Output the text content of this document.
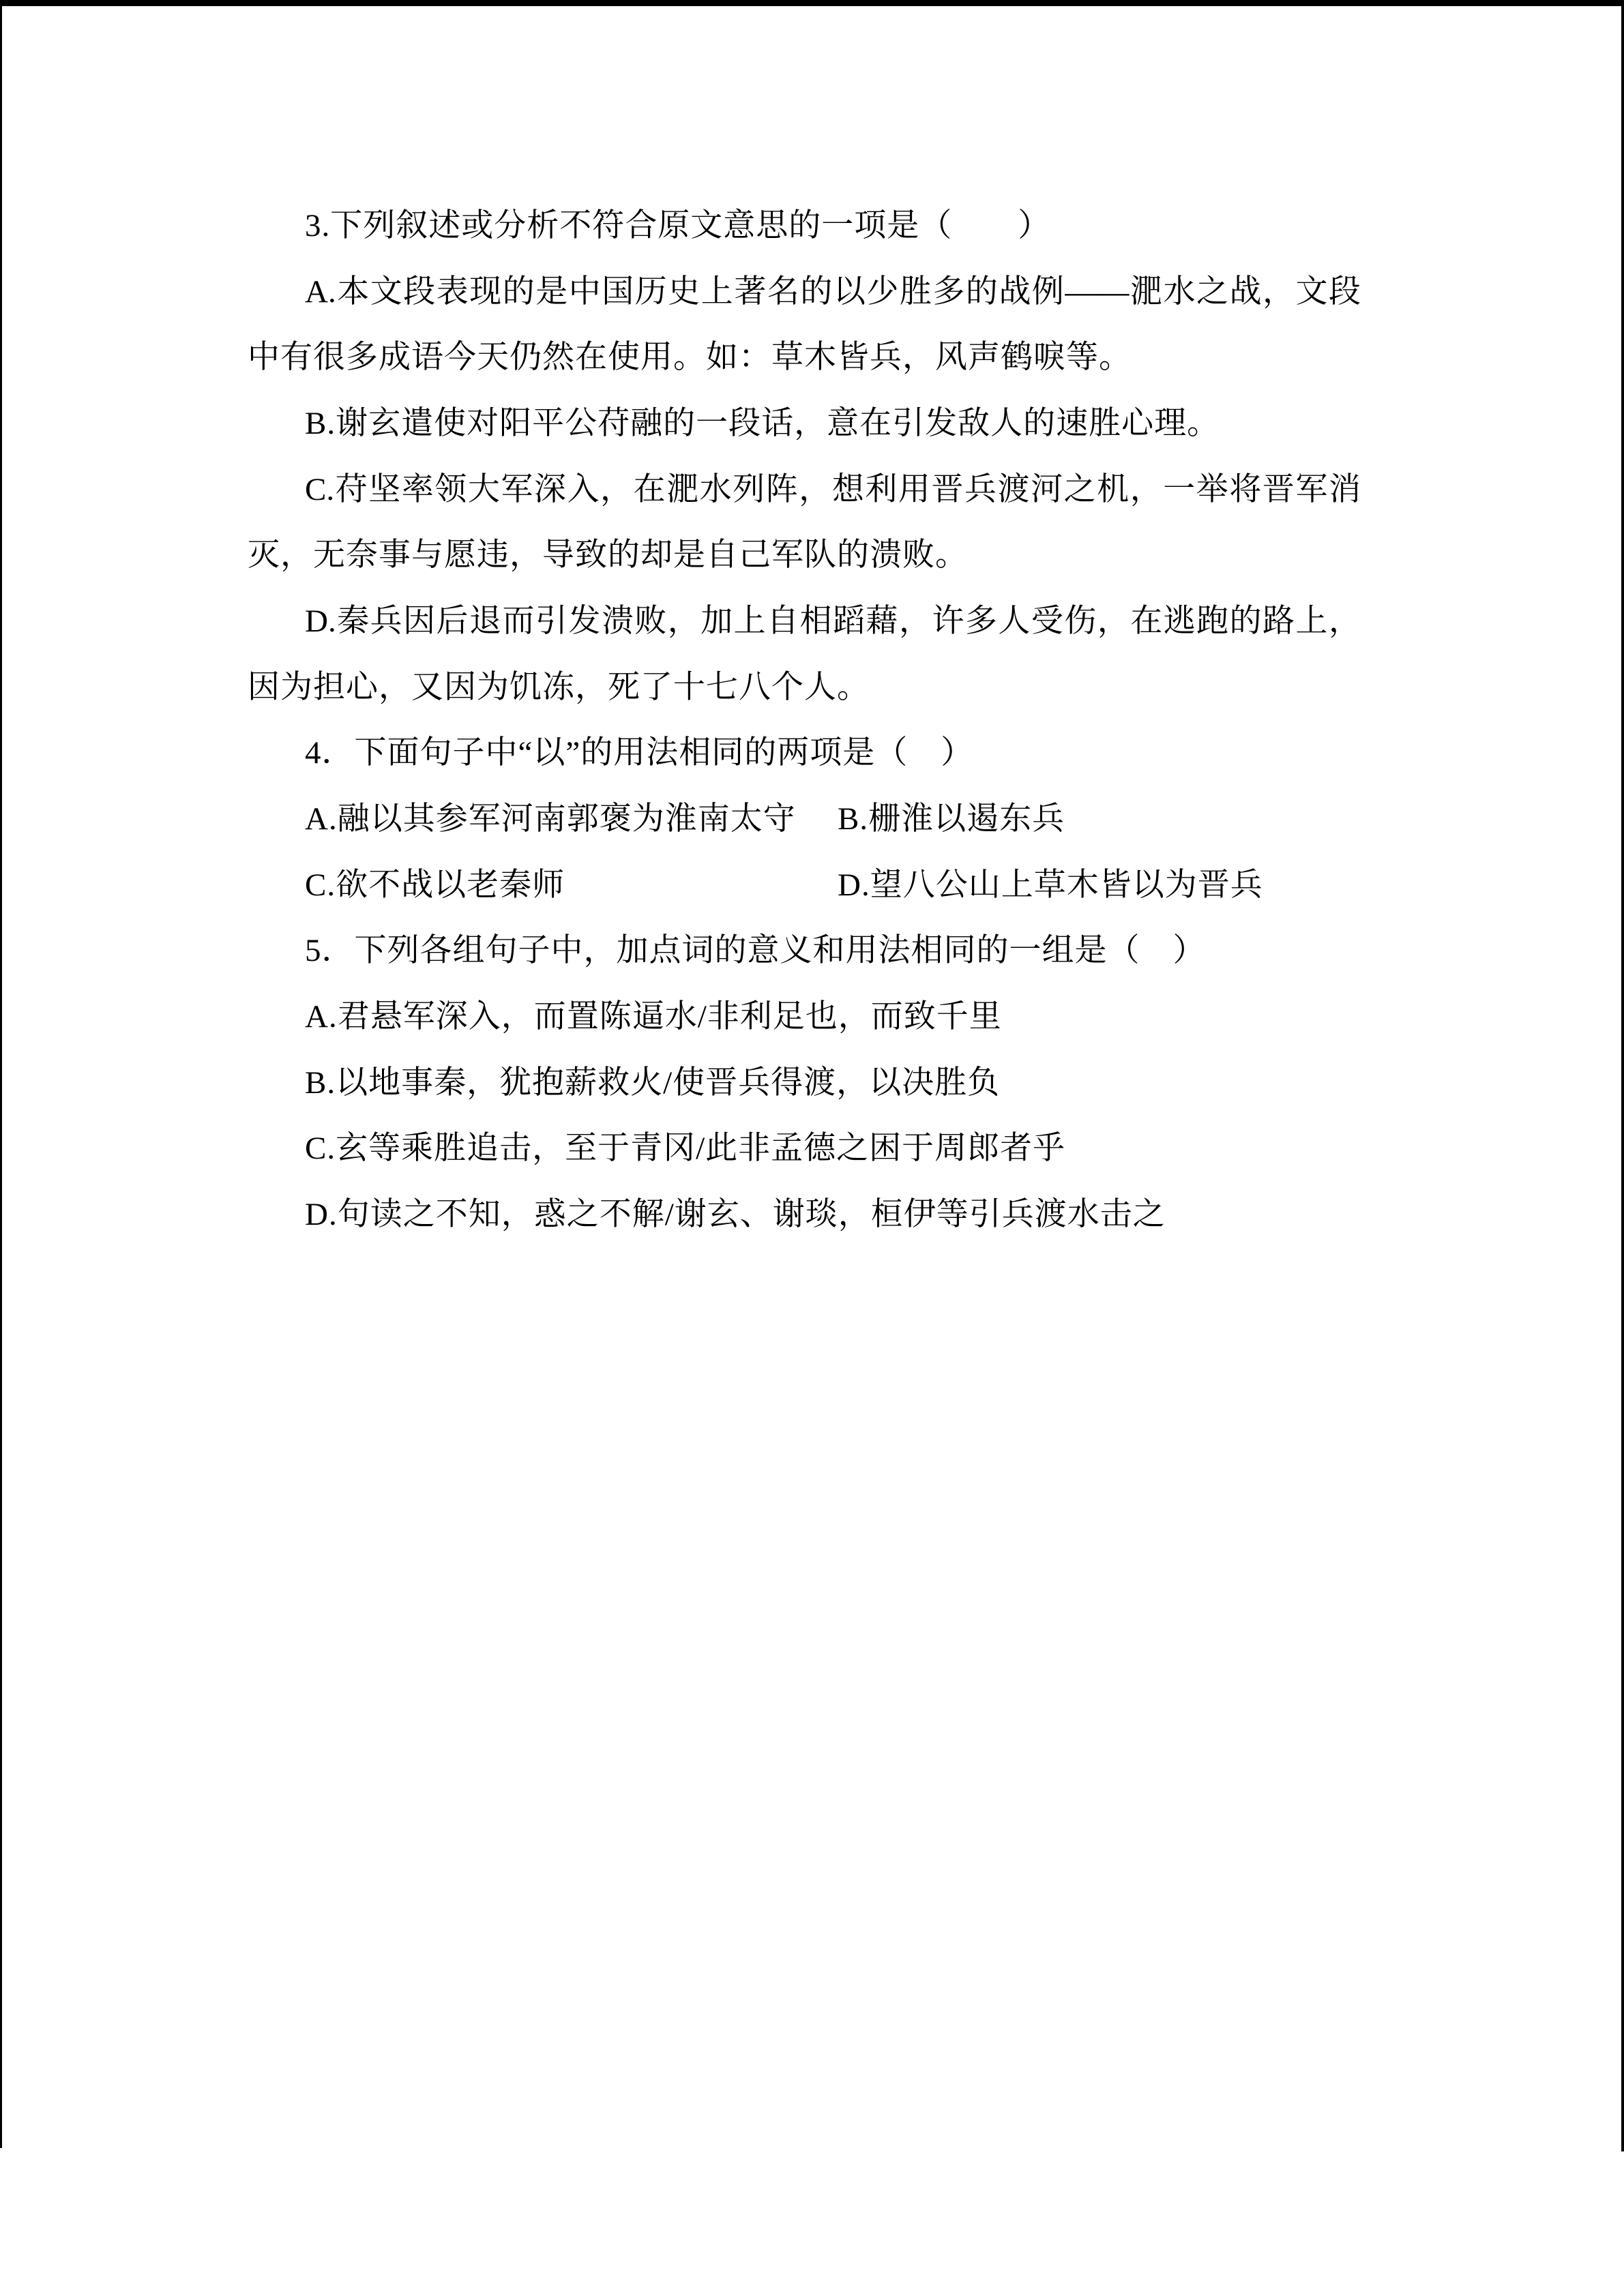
3.下列叙述或分析不符合原文意思的一项是（　　）
A.本文段表现的是中国历史上著名的以少胜多的战例——淝水之战，文段
中有很多成语今天仍然在使用。如：草木皆兵，风声鹤唳等。
B.谢玄遣使对阳平公苻融的一段话，意在引发敌人的速胜心理。
C.苻坚率领大军深入，在淝水列阵，想利用晋兵渡河之机，一举将晋军消
灭，无奈事与愿违，导致的却是自己军队的溃败。
D.秦兵因后退而引发溃败，加上自相蹈藉，许多人受伤，在逃跑的路上，
因为担心，又因为饥冻，死了十七八个人。
4．下面句子中“以”的用法相同的两项是（　）
A.融以其参军河南郭褒为淮南太守 B.栅淮以遏东兵
C.欲不战以老秦师	D.望八公山上草木皆以为晋兵
5．下列各组句子中，加点词的意义和用法相同的一组是（　）
A.君悬军深入，而置陈逼水/非利足也，而致千里
B.以地事秦，犹抱薪救火/使晋兵得渡，以决胜负
C.玄等乘胜追击，至于青冈/此非孟德之困于周郎者乎
D.句读之不知，惑之不解/谢玄、谢琰，桓伊等引兵渡水击之
